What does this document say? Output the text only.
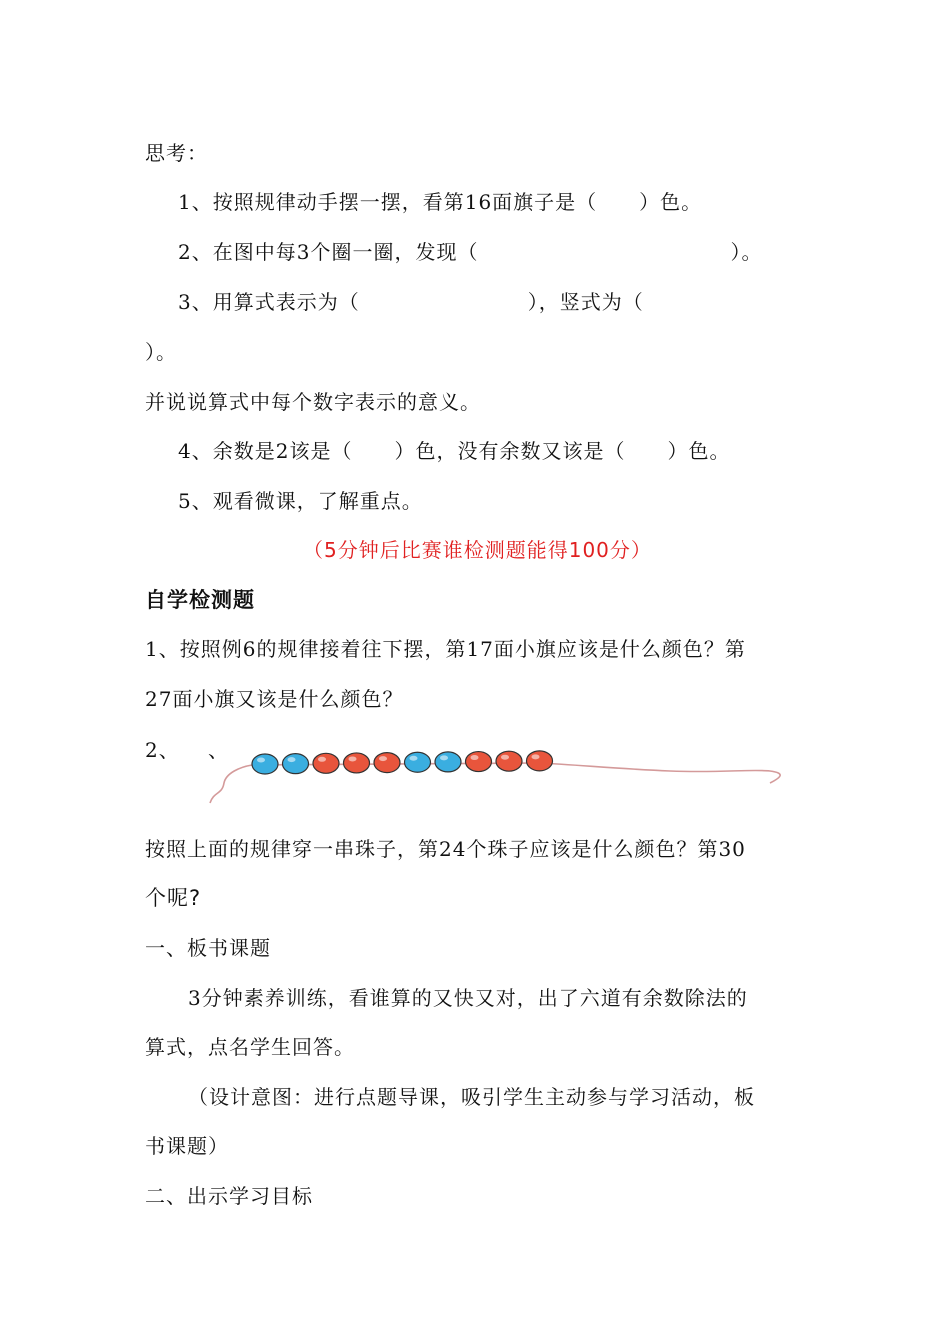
思考：
1、按照规律动手摆一摆，看第16面旗子是（　　）色。
2、在图中每3个圈一圈，发现（　　　　　　　　　　　　）。
3、用算式表示为（　　　　　　　　），竖式为（
）。
并说说算式中每个数字表示的意义。
4、余数是2该是（　　）色，没有余数又该是（　　）色。
5、观看微课，了解重点。
（5分钟后比赛谁检测题能得100分）
自学检测题
1、按照例6的规律接着往下摆，第17面小旗应该是什么颜色？第
27面小旗又该是什么颜色？
2、 、
按照上面的规律穿一串珠子，第24个珠子应该是什么颜色？第30
个呢?
一、板书课题
3分钟素养训练，看谁算的又快又对，出了六道有余数除法的
算式，点名学生回答。
（设计意图：进行点题导课，吸引学生主动参与学习活动，板
书课题）
二、出示学习目标
